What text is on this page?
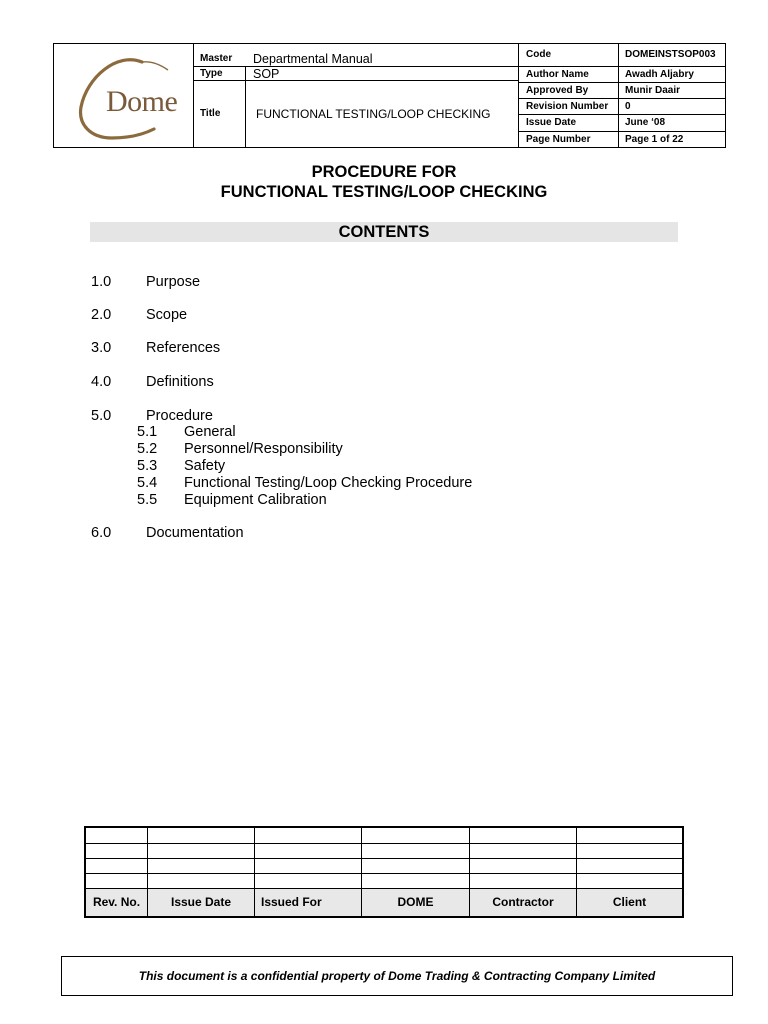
Dome
Master Departmental Manual
Type SOP
Title	FUNCTIONAL TESTING/LOOP CHECKING
Code	DOMEINSTSOP003
Author Name	Awadh Aljabry
Approved By	Munir Daair
Revision Number 0
Issue Date	June ‘08
Page Number	Page 1 of 22
PROCEDURE FOR
FUNCTIONAL TESTING/LOOP CHECKING
CONTENTS
1.0 Purpose
2.0 Scope
3.0 References
4.0 Definitions
5.0 Procedure
5.1 General
5.2 Personnel/Responsibility
5.3 Safety
5.4 Functional Testing/Loop Checking Procedure
5.5 Equipment Calibration
6.0 Documentation
Rev. No.	Issue Date	Issued For	DOME	Contractor	Client
This document is a confidential property of Dome Trading & Contracting Company Limited
